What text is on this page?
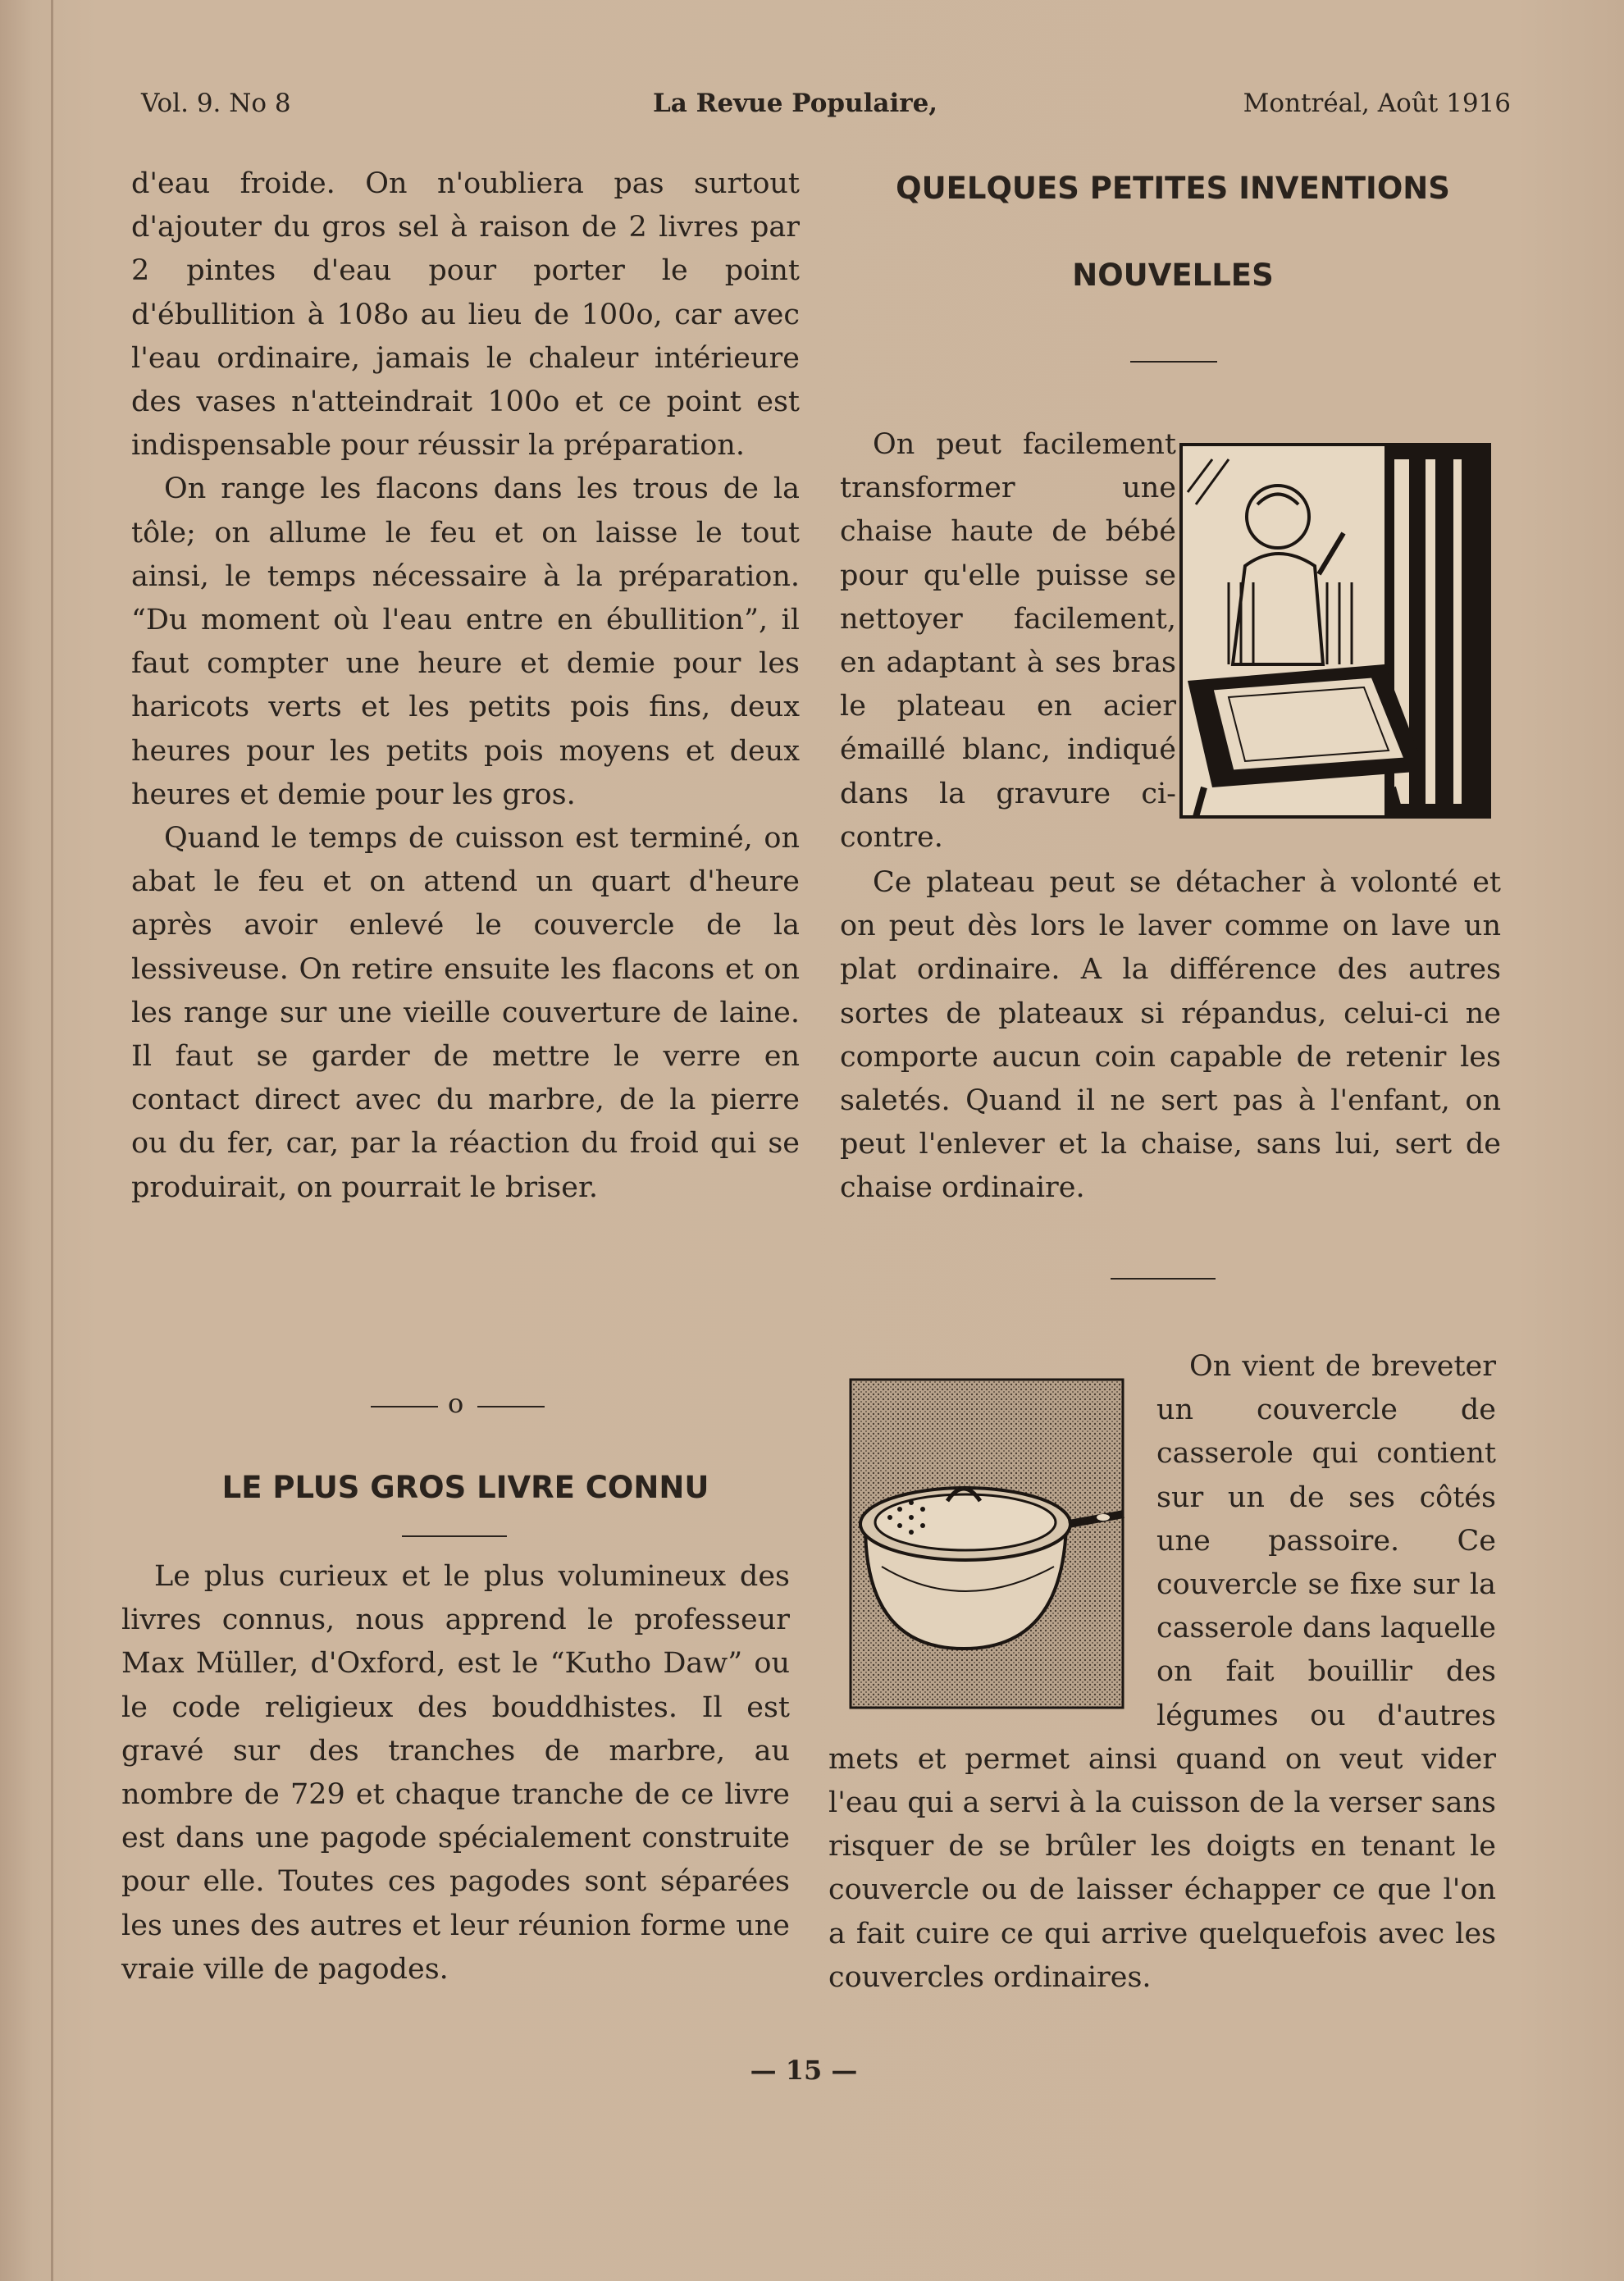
Vol. 9. No 8	La Revue Populaire,	Montréal, Août 1916

d'eau froide. On n'oubliera pas surtout d'ajouter du gros sel à raison de 2 livres par 2 pintes d'eau pour porter le point d'ébullition à 108o au lieu de 100o, car avec l'eau ordinaire, jamais le chaleur intérieure des vases n'atteindrait 100o et ce point est indispensable pour réussir la préparation.

On range les flacons dans les trous de la tôle; on allume le feu et on laisse le tout ainsi, le temps nécessaire à la préparation. “Du moment où l'eau entre en ébullition”, il faut compter une heure et demie pour les haricots verts et les petits pois fins, deux heures pour les petits pois moyens et deux heures et demie pour les gros.

Quand le temps de cuisson est terminé, on abat le feu et on attend un quart d'heure après avoir enlevé le couvercle de la lessiveuse. On retire ensuite les flacons et on les range sur une vieille couverture de laine. Il faut se garder de mettre le verre en contact direct avec du marbre, de la pierre ou du fer, car, par la réaction du froid qui se produirait, on pourrait le briser.

o
LE PLUS GROS LIVRE CONNU

Le plus curieux et le plus volumineux des livres connus, nous apprend le professeur Max Müller, d'Oxford, est le “Kutho Daw” ou le code religieux des bouddhistes. Il est gravé sur des tranches de marbre, au nombre de 729 et chaque tranche de ce livre est dans une pagode spécialement construite pour elle. Toutes ces pagodes sont séparées les unes des autres et leur réunion forme une vraie ville de pagodes.

QUELQUES PETITES INVENTIONS
NOUVELLES

On peut facilement transformer une chaise haute de bébé pour qu'elle puisse se nettoyer facilement, en adaptant à ses bras le plateau en acier émaillé blanc, indiqué dans la gravure ci-contre.

Ce plateau peut se détacher à volonté et on peut dès lors le laver comme on lave un plat ordinaire. A la différence des autres sortes de plateaux si répandus, celui-ci ne comporte aucun coin capable de retenir les saletés. Quand il ne sert pas à l'enfant, on peut l'enlever et la chaise, sans lui, sert de chaise ordinaire.

On vient de breveter un couvercle de casserole qui contient sur un de ses côtés une passoire. Ce couvercle se fixe sur la casserole dans laquelle on fait bouillir des légumes ou d'autres mets et permet ainsi quand on veut vider l'eau qui a servi à la cuisson de la verser sans risquer de se brûler les doigts en tenant le couvercle ou de laisser échapper ce que l'on a fait cuire ce qui arrive quelquefois avec les couvercles ordinaires.

— 15 —
